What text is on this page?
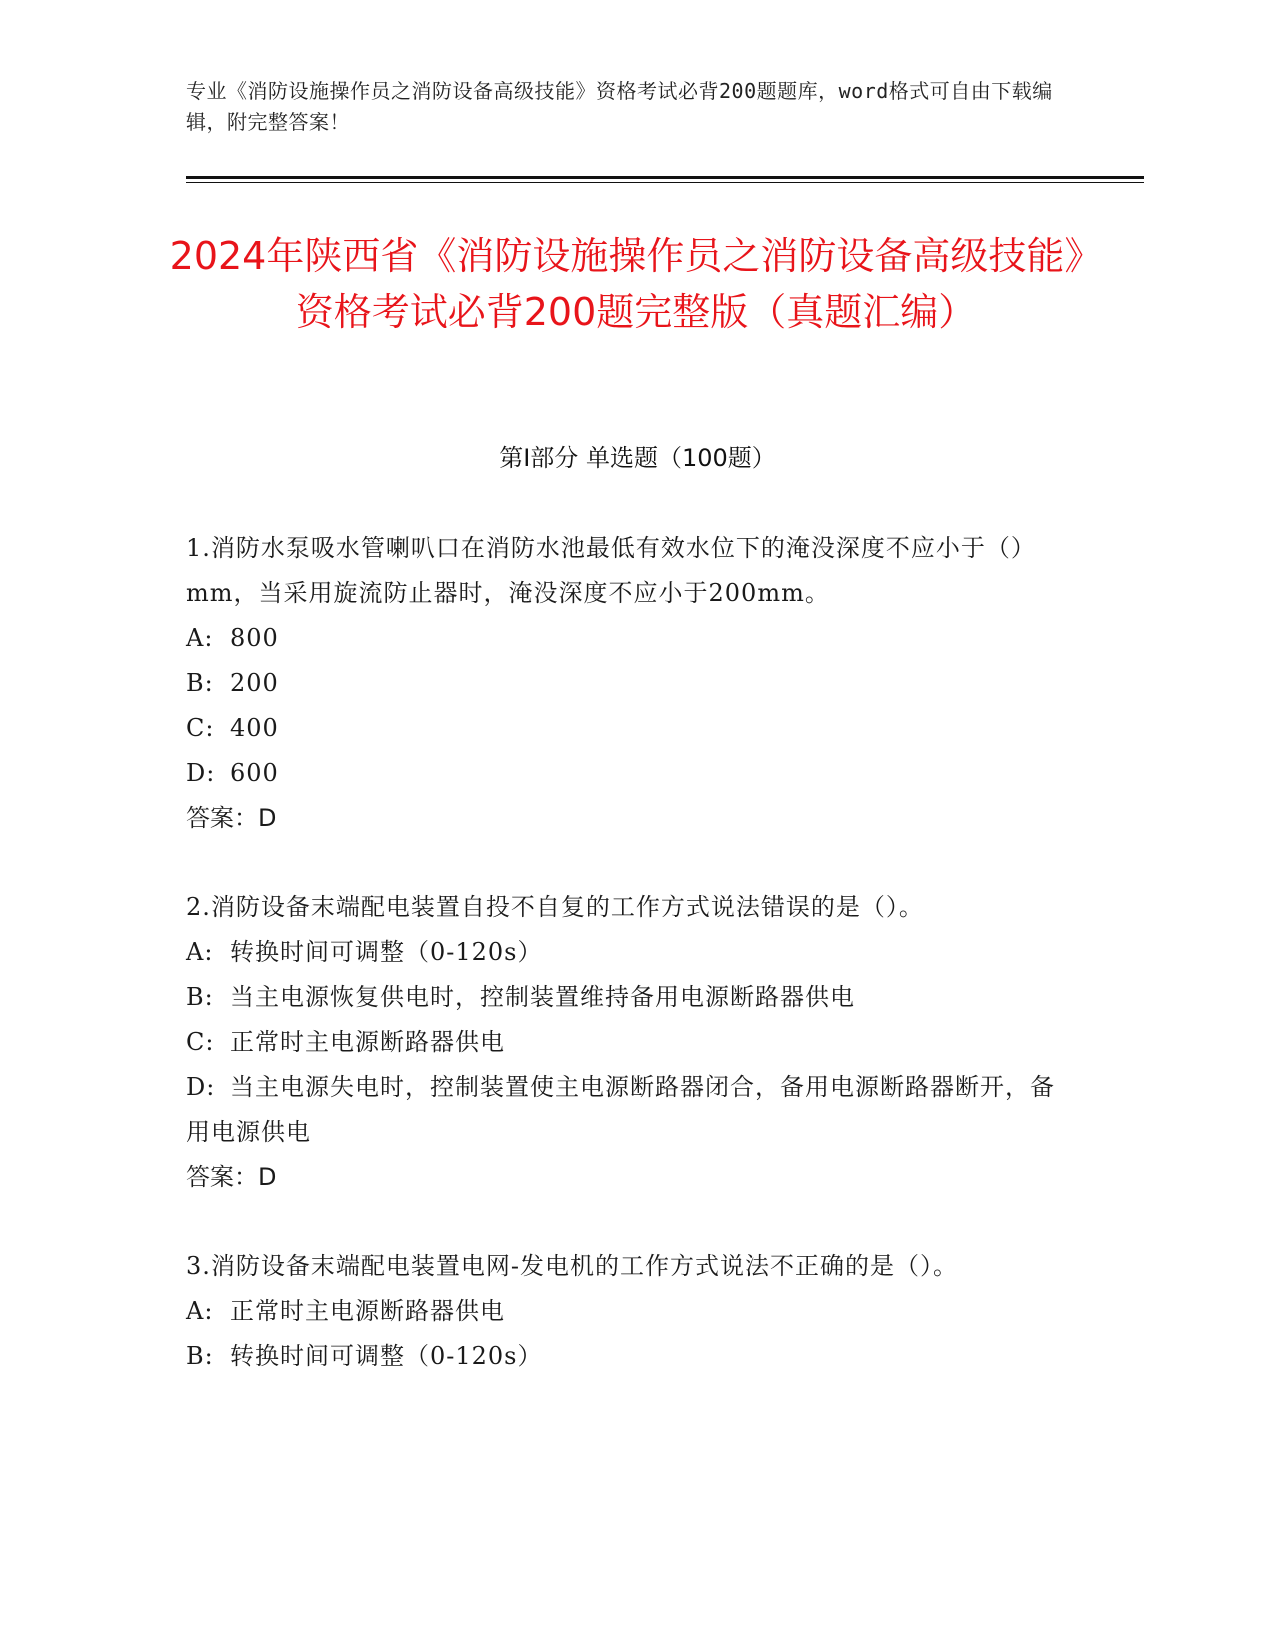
专业《消防设施操作员之消防设备高级技能》资格考试必背200题题库，word格式可自由下载编辑，附完整答案！
2024年陕西省《消防设施操作员之消防设备高级技能》资格考试必背200题完整版（真题汇编）
第I部分 单选题（100题）
1.消防水泵吸水管喇叭口在消防水池最低有效水位下的淹没深度不应小于（）mm，当采用旋流防止器时，淹没深度不应小于200mm。
A: 800
B: 200
C: 400
D: 600
答案：D
2.消防设备末端配电装置自投不自复的工作方式说法错误的是（）。
A: 转换时间可调整（0-120s）
B: 当主电源恢复供电时，控制装置维持备用电源断路器供电
C: 正常时主电源断路器供电
D: 当主电源失电时，控制装置使主电源断路器闭合，备用电源断路器断开，备用电源供电
答案：D
3.消防设备末端配电装置电网-发电机的工作方式说法不正确的是（）。
A: 正常时主电源断路器供电
B: 转换时间可调整（0-120s）
